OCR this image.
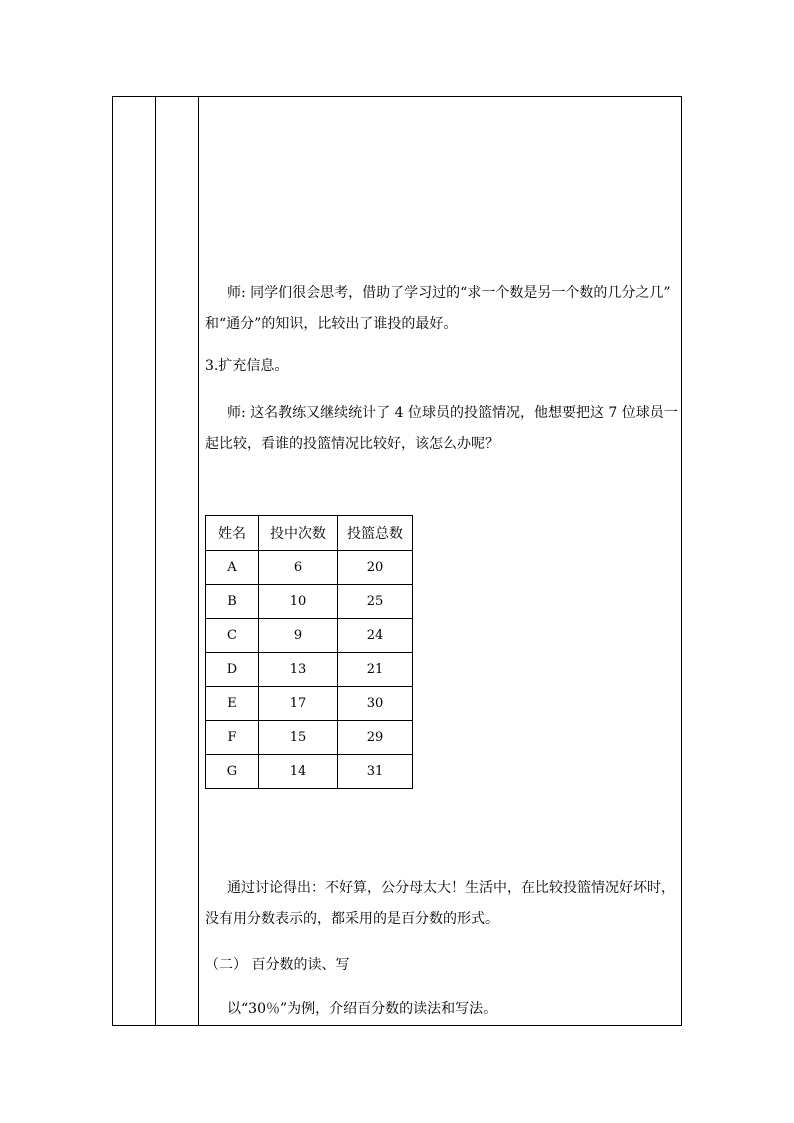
师: 同学们很会思考，借助了学习过的“求一个数是另一个数的几分之几”
和“通分”的知识，比较出了谁投的最好。
3.扩充信息。
师: 这名教练又继续统计了 4 位球员的投篮情况，他想要把这 7 位球员一
起比较，看谁的投篮情况比较好，该怎么办呢？
姓名	投中次数	投篮总数
A	6	20
B	10	25
C	9	24
D	13	21
E	17	30
F	15	29
G	14	31
通过讨论得出：不好算，公分母太大！生活中，在比较投篮情况好坏时，
没有用分数表示的，都采用的是百分数的形式。
（二） 百分数的读、写
以“30％”为例，介绍百分数的读法和写法。
